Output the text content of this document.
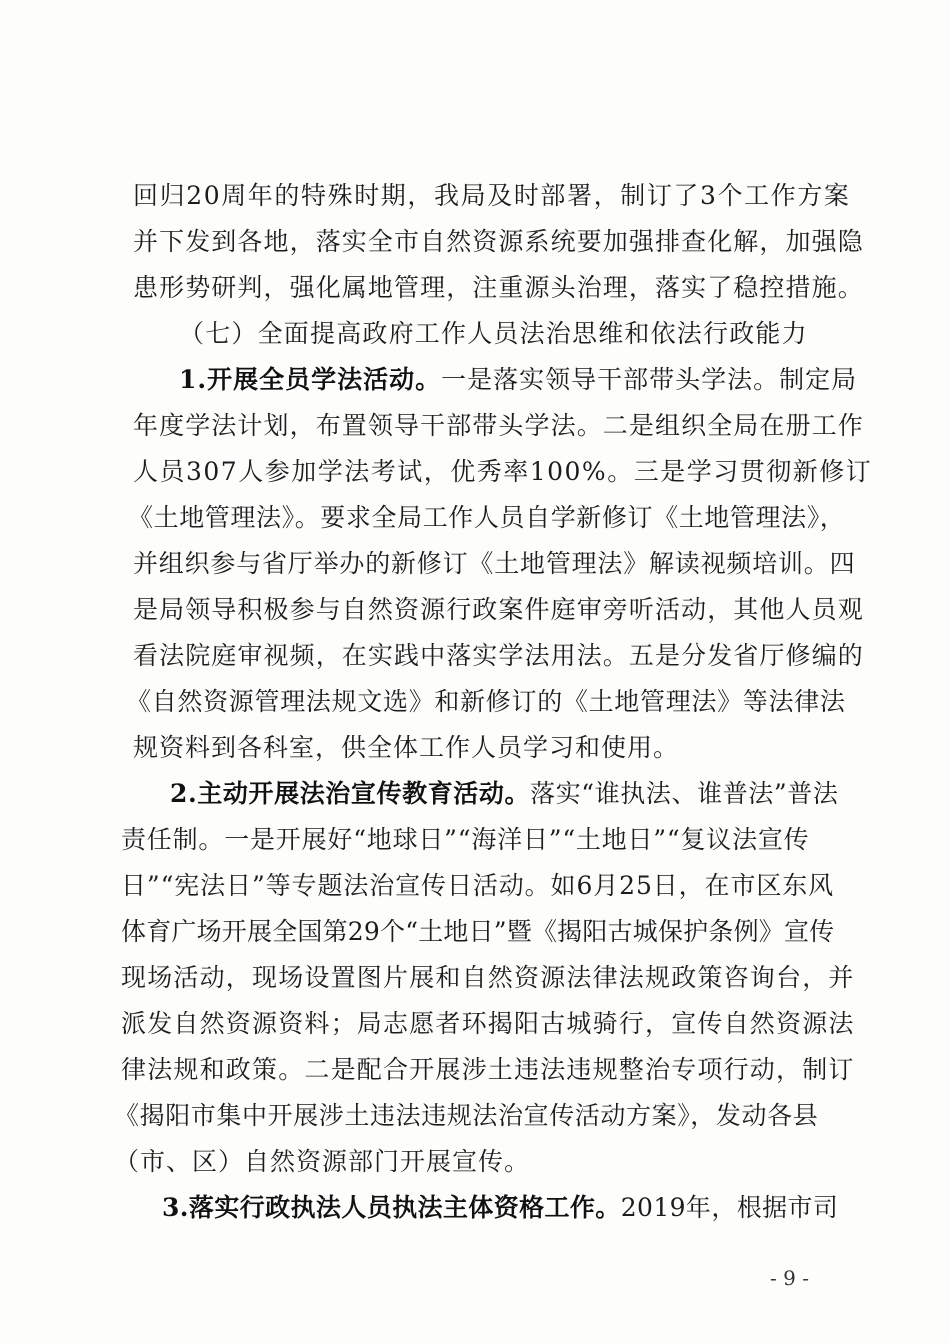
回归20周年的特殊时期，我局及时部署，制订了3个工作方案
并下发到各地，落实全市自然资源系统要加强排查化解，加强隐
患形势研判，强化属地管理，注重源头治理，落实了稳控措施。
（七）全面提高政府工作人员法治思维和依法行政能力
1.开展全员学法活动。一是落实领导干部带头学法。制定局
年度学法计划，布置领导干部带头学法。二是组织全局在册工作
人员307人参加学法考试，优秀率100%。三是学习贯彻新修订
《土地管理法》。要求全局工作人员自学新修订《土地管理法》，
并组织参与省厅举办的新修订《土地管理法》解读视频培训。四
是局领导积极参与自然资源行政案件庭审旁听活动，其他人员观
看法院庭审视频，在实践中落实学法用法。五是分发省厅修编的
《自然资源管理法规文选》和新修订的《土地管理法》等法律法
规资料到各科室，供全体工作人员学习和使用。
2.主动开展法治宣传教育活动。落实“谁执法、谁普法”普法
责任制。一是开展好“地球日”“海洋日”“土地日”“复议法宣传
日”“宪法日”等专题法治宣传日活动。如6月25日，在市区东风
体育广场开展全国第29个“土地日”暨《揭阳古城保护条例》宣传
现场活动，现场设置图片展和自然资源法律法规政策咨询台，并
派发自然资源资料；局志愿者环揭阳古城骑行，宣传自然资源法
律法规和政策。二是配合开展涉土违法违规整治专项行动，制订
《揭阳市集中开展涉土违法违规法治宣传活动方案》，发动各县
（市、区）自然资源部门开展宣传。
3.落实行政执法人员执法主体资格工作。2019年，根据市司
- 9 -
